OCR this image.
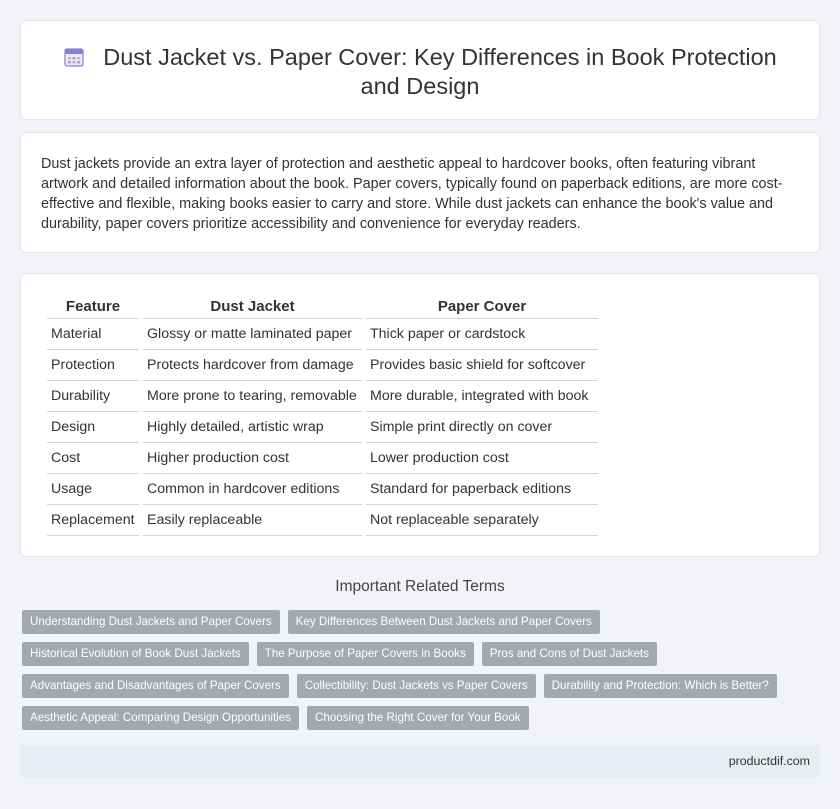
Dust Jacket vs. Paper Cover: Key Differences in Book Protection and Design

Dust jackets provide an extra layer of protection and aesthetic appeal to hardcover books, often featuring vibrant artwork and detailed information about the book. Paper covers, typically found on paperback editions, are more cost-effective and flexible, making books easier to carry and store. While dust jackets can enhance the book's value and durability, paper covers prioritize accessibility and convenience for everyday readers.

Feature	Dust Jacket	Paper Cover
Material	Glossy or matte laminated paper	Thick paper or cardstock
Protection	Protects hardcover from damage	Provides basic shield for softcover
Durability	More prone to tearing, removable	More durable, integrated with book
Design	Highly detailed, artistic wrap	Simple print directly on cover
Cost	Higher production cost	Lower production cost
Usage	Common in hardcover editions	Standard for paperback editions
Replacement	Easily replaceable	Not replaceable separately
Important Related Terms
Understanding Dust Jackets and Paper Covers	Key Differences Between Dust Jackets and Paper Covers
Historical Evolution of Book Dust Jackets	The Purpose of Paper Covers in Books	Pros and Cons of Dust Jackets
Advantages and Disadvantages of Paper Covers	Collectibility: Dust Jackets vs Paper Covers	Durability and Protection: Which is Better?
Aesthetic Appeal: Comparing Design Opportunities	Choosing the Right Cover for Your Book
productdif.com
